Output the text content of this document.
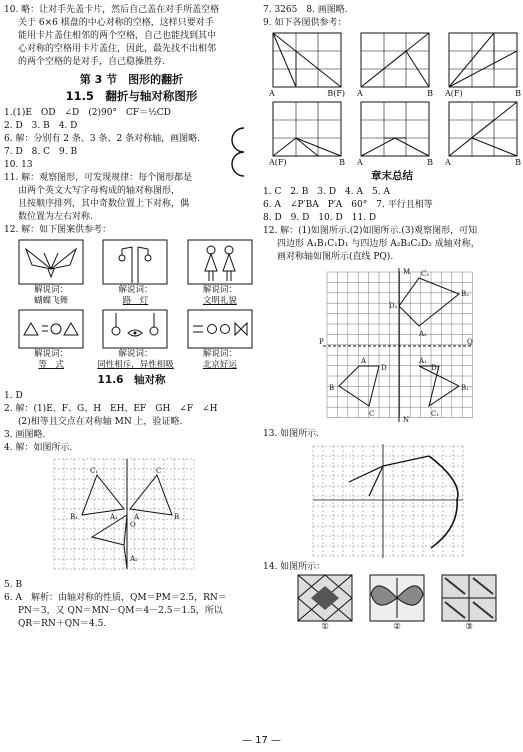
10. 略：让对手先盖卡片，然后自己盖在对手所盖空格
关于 6×6 棋盘的中心对称的空格，这样只要对手
能用卡片盖住相邻的两个空格，自己也能找到其中
心对称的空格用卡片盖住，因此，最先找不出相邻
的两个空格的是对手，自己稳操胜券.
第 3 节　图形的翻折
11.5　翻折与轴对称图形
1.(1)E　OD　∠D　(2)90°　CF＝½CD
2. D　3. B　4. D
6. 解：分别有 2 条、3 条、2 条对称轴，画图略.
7. D　8. C　9. B
10. 13
11. 解：观察图形，可发现规律：每个图形都是
由两个英文大写字母构成的轴对称图形，
且按顺序排列，其中奇数位置上下对称，偶
数位置为左右对称.
12. 解：如下图案供参考：
解说词：
蝴蝶飞舞
解说词：
路　灯
解说词：
文明礼貌
解说词：
等　式
解说词：
同性相斥，异性相吸
解说词：
北京好运
11.6　轴对称
1. D
2. 解：(1)E、F、G、H　EH、EF　GH　∠F　∠H
(2)相等且交点在对称轴 MN 上，验证略.
3. 画图略.
4. 解：如图所示.
C₁
B₁	A₁
O
C
B
A
A₂
5. B
6. A　解析：由轴对称的性质，QM＝PM＝2.5，RN＝
PN＝3，又 QN＝MN－QM＝4－2.5＝1.5，所以
QR＝RN＋QN＝4.5.
7. 3265　8. 画图略.
9. 如下各图供参考：
A	B(F) A	B A(F)	B
A(F)	B A	B A	B
章末总结
1. C　2. B　3. D　4. A　5. A
6. A　∠P′BA　P′A　60°　7. 平行且相等
8. D　9. D　10. D　11. D
12. 解：(1)如图所示.(2)如图所示.(3)观察图形，可知
四边形 A₁B₁C₁D₁ 与四边形 A₂B₂C₂D₂ 成轴对称，
画对称轴如图所示(直线 PQ).
M
N
P	Q
C₂
B₂
D₂
A₂
A	A₁
B
D	D₁
B₁
C	C₁
13. 如图所示.
14. 如图所示：
①	②	③
— 17 —
